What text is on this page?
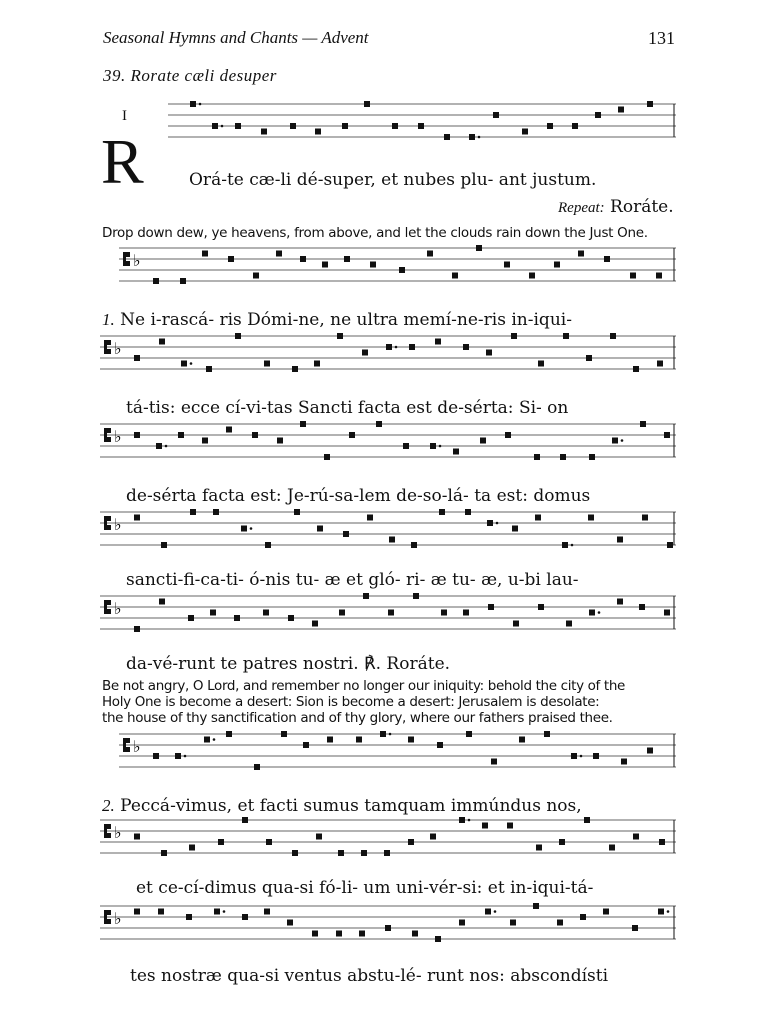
Seasonal Hymns and Chants — Advent	131
39. Rorate cæli desuper
I
R
♭
♭
♭
♭
♭
♭
♭
♭
Orá-te cæ-li dé-super, et nubes plu- ant justum.
Repeat: Roráte.
Drop down dew, ye heavens, from above, and let the clouds rain down the Just One.
1. Ne i-rascá- ris Dómi-ne, ne ultra memí-ne-ris in-iqui-
tá-tis: ecce cí-vi-tas Sancti facta est de-sérta: Si- on
de-sérta facta est: Je-rú-sa-lem de-so-lá- ta est: domus
sancti-fi-ca-ti- ó-nis tu- æ et gló- ri- æ tu- æ, u-bi lau-
da-vé-runt te patres nostri. ℟. Roráte.
Be not angry, O Lord, and remember no longer our iniquity: behold the city of the
Holy One is become a desert: Sion is become a desert: Jerusalem is desolate:
the house of thy sanctification and of thy glory, where our fathers praised thee.
2. Peccá-vimus, et facti sumus tamquam immúndus nos,
et ce-cí-dimus qua-si fó-li- um uni-vér-si: et in-iqui-tá-
tes nostræ qua-si ventus abstu-lé- runt nos: abscondísti
